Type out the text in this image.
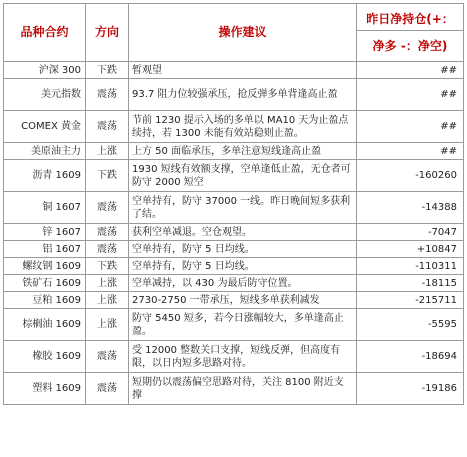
品种合约	方向	操作建议	昨日净持仓(+：
净多 -：净空)

沪深 300	下跌	暂观望	##
美元指数	震荡	93.7 阻力位较强承压，抢反弹多单背逢高止盈	##
COMEX 黄金	震荡	节前 1230 提示入场的多单以 MA10 天为止盈点续持，若 1300 未能有效站稳则止盈。	##
美原油主力	上涨	上方 50 面临承压，多单注意短线逢高止盈	##
沥青 1609	下跌	1930 短线有效额支撑，空单逢低止盈，无仓者可防守 2000 短空	-160260
铜 1607	震荡	空单持有，防守 37000 一线。昨日晚间短多获利了结。	-14388
锌 1607	震荡	获利空单减退。空仓观望。	-7047
铝 1607	震荡	空单持有，防守 5 日均线。	+10847
螺纹钢 1609	下跌	空单持有，防守 5 日均线。	-110311
铁矿石 1609	上涨	空单减持，以 430 为最后防守位置。	-18115
豆粕 1609	上涨	2730-2750 一带承压，短线多单获利减发	-215711
棕榈油 1609	上涨	防守 5450 短多，若今日涨幅较大，多单逢高止盈。	-5595
橡胶 1609	震荡	受 12000 整数关口支撑，短线反弹，但高度有限，以日内短多思路对待。	-18694
塑料 1609	震荡	短期仍以震荡偏空思路对待，关注 8100 附近支撑	-19186
